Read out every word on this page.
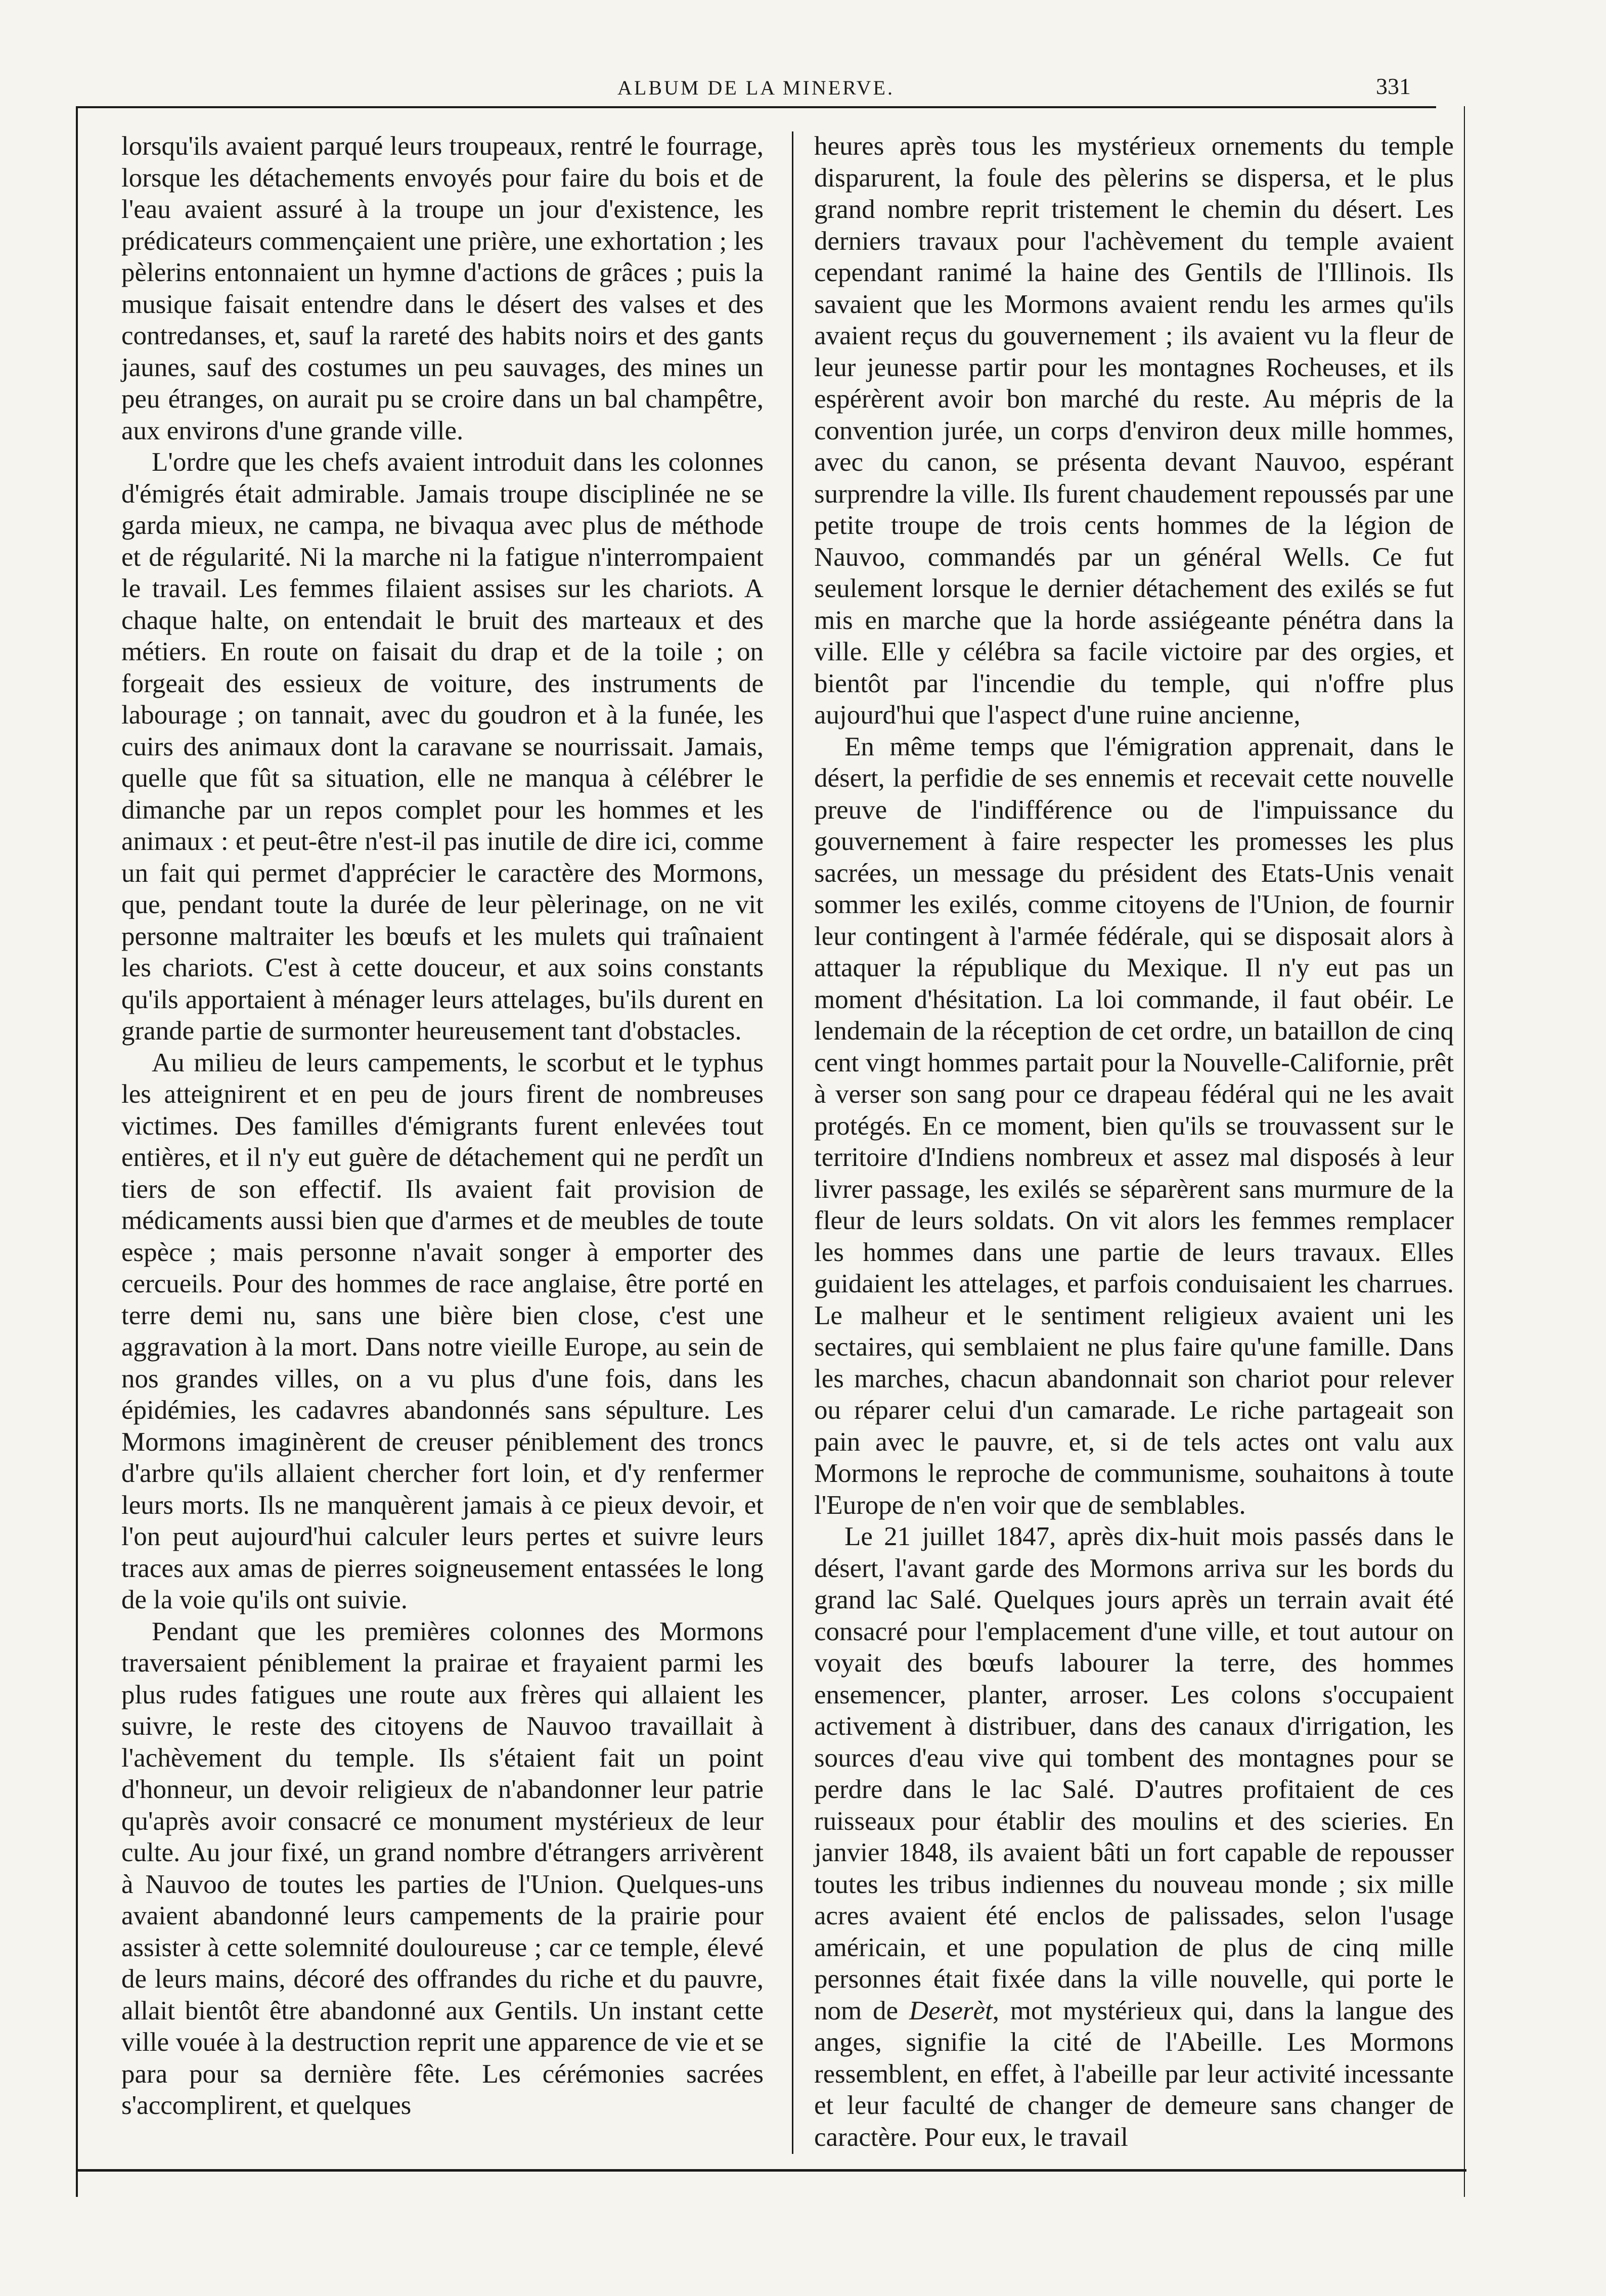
ALBUM DE LA MINERVE.	331

lorsqu'ils avaient parqué leurs troupeaux, rentré le fourrage, lorsque les détachements envoyés pour faire du bois et de l'eau avaient assuré à la troupe un jour d'existence, les prédicateurs commençaient une prière, une exhortation ; les pèlerins entonnaient un hymne d'actions de grâces ; puis la musique faisait entendre dans le désert des valses et des contredanses, et, sauf la rareté des habits noirs et des gants jaunes, sauf des costumes un peu sauvages, des mines un peu étranges, on aurait pu se croire dans un bal champêtre, aux environs d'une grande ville.

L'ordre que les chefs avaient introduit dans les colonnes d'émigrés était admirable. Jamais troupe disciplinée ne se garda mieux, ne campa, ne bivaqua avec plus de méthode et de régularité. Ni la marche ni la fatigue n'interrompaient le travail. Les femmes filaient assises sur les chariots. A chaque halte, on entendait le bruit des marteaux et des métiers. En route on faisait du drap et de la toile ; on forgeait des essieux de voiture, des instruments de labourage ; on tannait, avec du goudron et à la funée, les cuirs des animaux dont la caravane se nourrissait. Jamais, quelle que fût sa situation, elle ne manqua à célébrer le dimanche par un repos complet pour les hommes et les animaux : et peut-être n'est-il pas inutile de dire ici, comme un fait qui permet d'apprécier le caractère des Mormons, que, pendant toute la durée de leur pèlerinage, on ne vit personne maltraiter les bœufs et les mulets qui traînaient les chariots. C'est à cette douceur, et aux soins constants qu'ils apportaient à ménager leurs attelages, bu'ils durent en grande partie de surmonter heureusement tant d'obstacles.

Au milieu de leurs campements, le scorbut et le typhus les atteignirent et en peu de jours firent de nombreuses victimes. Des familles d'émigrants furent enlevées tout entières, et il n'y eut guère de détachement qui ne perdît un tiers de son effectif. Ils avaient fait provision de médicaments aussi bien que d'armes et de meubles de toute espèce ; mais personne n'avait songer à emporter des cercueils. Pour des hommes de race anglaise, être porté en terre demi nu, sans une bière bien close, c'est une aggravation à la mort. Dans notre vieille Europe, au sein de nos grandes villes, on a vu plus d'une fois, dans les épidémies, les cadavres abandonnés sans sépulture. Les Mormons imaginèrent de creuser péniblement des troncs d'arbre qu'ils allaient chercher fort loin, et d'y renfermer leurs morts. Ils ne manquèrent jamais à ce pieux devoir, et l'on peut aujourd'hui calculer leurs pertes et suivre leurs traces aux amas de pierres soigneusement entassées le long de la voie qu'ils ont suivie.

Pendant que les premières colonnes des Mormons traversaient péniblement la prairae et frayaient parmi les plus rudes fatigues une route aux frères qui allaient les suivre, le reste des citoyens de Nauvoo travaillait à l'achèvement du temple. Ils s'étaient fait un point d'honneur, un devoir religieux de n'abandonner leur patrie qu'après avoir consacré ce monument mystérieux de leur culte. Au jour fixé, un grand nombre d'étrangers arrivèrent à Nauvoo de toutes les parties de l'Union. Quelques-uns avaient abandonné leurs campements de la prairie pour assister à cette solemnité douloureuse ; car ce temple, élevé de leurs mains, décoré des offrandes du riche et du pauvre, allait bientôt être abandonné aux Gentils. Un instant cette ville vouée à la destruction reprit une apparence de vie et se para pour sa dernière fête. Les cérémonies sacrées s'accomplirent, et quelques

heures après tous les mystérieux ornements du temple disparurent, la foule des pèlerins se dispersa, et le plus grand nombre reprit tristement le chemin du désert. Les derniers travaux pour l'achèvement du temple avaient cependant ranimé la haine des Gentils de l'Illinois. Ils savaient que les Mormons avaient rendu les armes qu'ils avaient reçus du gouvernement ; ils avaient vu la fleur de leur jeunesse partir pour les montagnes Rocheuses, et ils espérèrent avoir bon marché du reste. Au mépris de la convention jurée, un corps d'environ deux mille hommes, avec du canon, se présenta devant Nauvoo, espérant surprendre la ville. Ils furent chaudement repoussés par une petite troupe de trois cents hommes de la légion de Nauvoo, commandés par un général Wells. Ce fut seulement lorsque le dernier détachement des exilés se fut mis en marche que la horde assiégeante pénétra dans la ville. Elle y célébra sa facile victoire par des orgies, et bientôt par l'incendie du temple, qui n'offre plus aujourd'hui que l'aspect d'une ruine ancienne,

En même temps que l'émigration apprenait, dans le désert, la perfidie de ses ennemis et recevait cette nouvelle preuve de l'indifférence ou de l'impuissance du gouvernement à faire respecter les promesses les plus sacrées, un message du président des Etats-Unis venait sommer les exilés, comme citoyens de l'Union, de fournir leur contingent à l'armée fédérale, qui se disposait alors à attaquer la république du Mexique. Il n'y eut pas un moment d'hésitation. La loi commande, il faut obéir. Le lendemain de la réception de cet ordre, un bataillon de cinq cent vingt hommes partait pour la Nouvelle-Californie, prêt à verser son sang pour ce drapeau fédéral qui ne les avait protégés. En ce moment, bien qu'ils se trouvassent sur le territoire d'Indiens nombreux et assez mal disposés à leur livrer passage, les exilés se séparèrent sans murmure de la fleur de leurs soldats. On vit alors les femmes remplacer les hommes dans une partie de leurs travaux. Elles guidaient les attelages, et parfois conduisaient les charrues. Le malheur et le sentiment religieux avaient uni les sectaires, qui semblaient ne plus faire qu'une famille. Dans les marches, chacun abandonnait son chariot pour relever ou réparer celui d'un camarade. Le riche partageait son pain avec le pauvre, et, si de tels actes ont valu aux Mormons le reproche de communisme, souhaitons à toute l'Europe de n'en voir que de semblables.

Le 21 juillet 1847, après dix-huit mois passés dans le désert, l'avant garde des Mormons arriva sur les bords du grand lac Salé. Quelques jours après un terrain avait été consacré pour l'emplacement d'une ville, et tout autour on voyait des bœufs labourer la terre, des hommes ensemencer, planter, arroser. Les colons s'occupaient activement à distribuer, dans des canaux d'irrigation, les sources d'eau vive qui tombent des montagnes pour se perdre dans le lac Salé. D'autres profitaient de ces ruisseaux pour établir des moulins et des scieries. En janvier 1848, ils avaient bâti un fort capable de repousser toutes les tribus indiennes du nouveau monde ; six mille acres avaient été enclos de palissades, selon l'usage américain, et une population de plus de cinq mille personnes était fixée dans la ville nouvelle, qui porte le nom de Deserèt, mot mystérieux qui, dans la langue des anges, signifie la cité de l'Abeille. Les Mormons ressemblent, en effet, à l'abeille par leur activité incessante et leur faculté de changer de demeure sans changer de caractère. Pour eux, le travail
